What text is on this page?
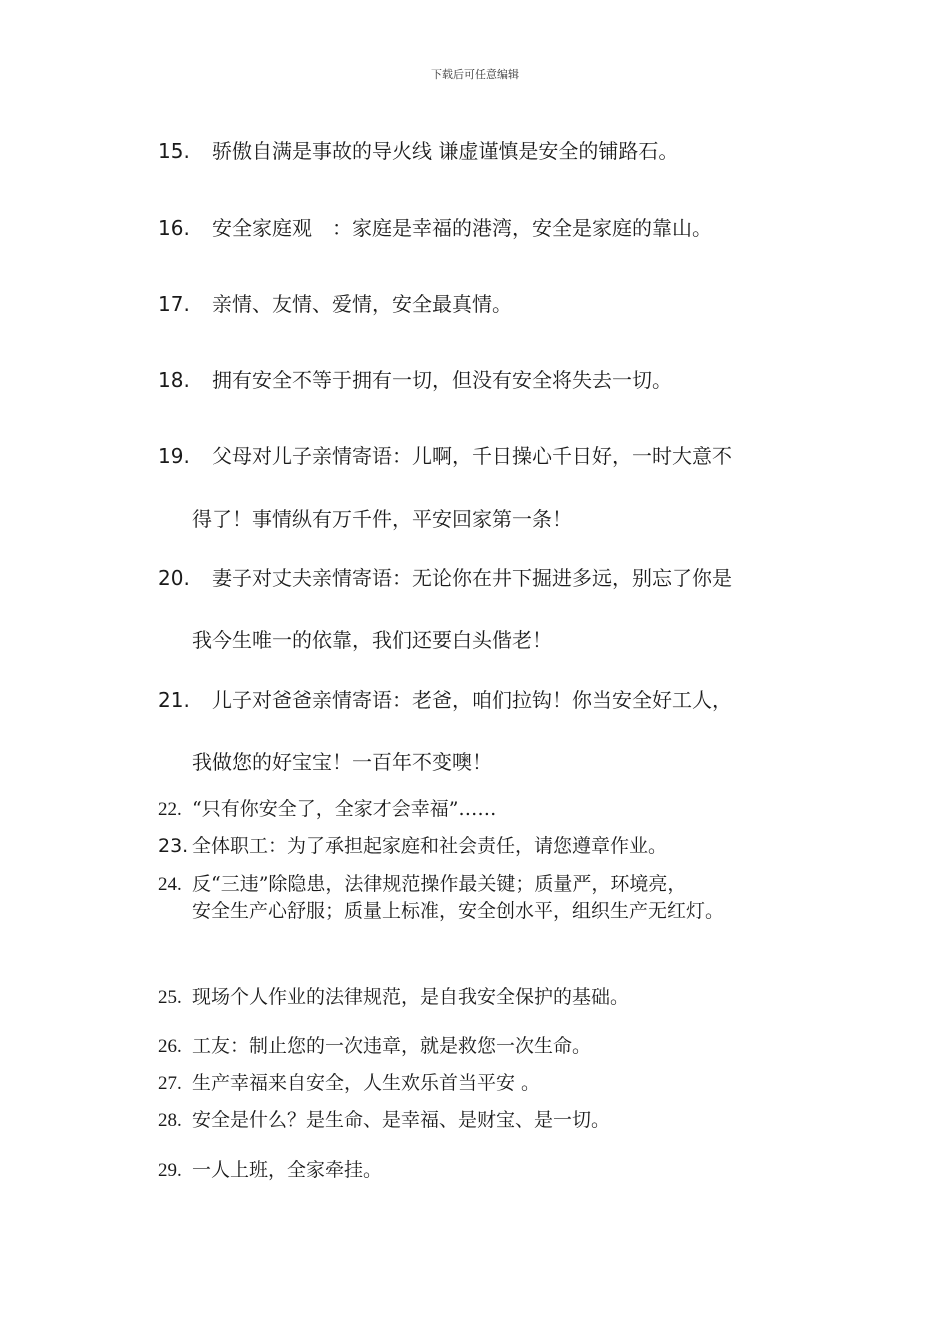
下载后可任意编辑
15. 骄傲自满是事故的导火线 谦虚谨慎是安全的铺路石。
16. 安全家庭观　：家庭是幸福的港湾，安全是家庭的靠山。
17. 亲情、友情、爱情，安全最真情。
18. 拥有安全不等于拥有一切，但没有安全将失去一切。
19. 父母对儿子亲情寄语：儿啊，千日操心千日好，一时大意不
得了！事情纵有万千件，平安回家第一条！
20. 妻子对丈夫亲情寄语：无论你在井下掘进多远，别忘了你是
我今生唯一的依靠，我们还要白头偕老！
21. 儿子对爸爸亲情寄语：老爸，咱们拉钩！你当安全好工人，
我做您的好宝宝！一百年不变噢！
22. “只有你安全了，全家才会幸福”……
23. 全体职工：为了承担起家庭和社会责任，请您遵章作业。
24. 反“三违”除隐患，法律规范操作最关键；质量严，环境亮，
安全生产心舒服；质量上标准，安全创水平，组织生产无红灯。
25. 现场个人作业的法律规范，是自我安全保护的基础。
26. 工友：制止您的一次违章，就是救您一次生命。
27. 生产幸福来自安全，人生欢乐首当平安 。
28. 安全是什么？是生命、是幸福、是财宝、是一切。
29. 一人上班，全家牵挂。
